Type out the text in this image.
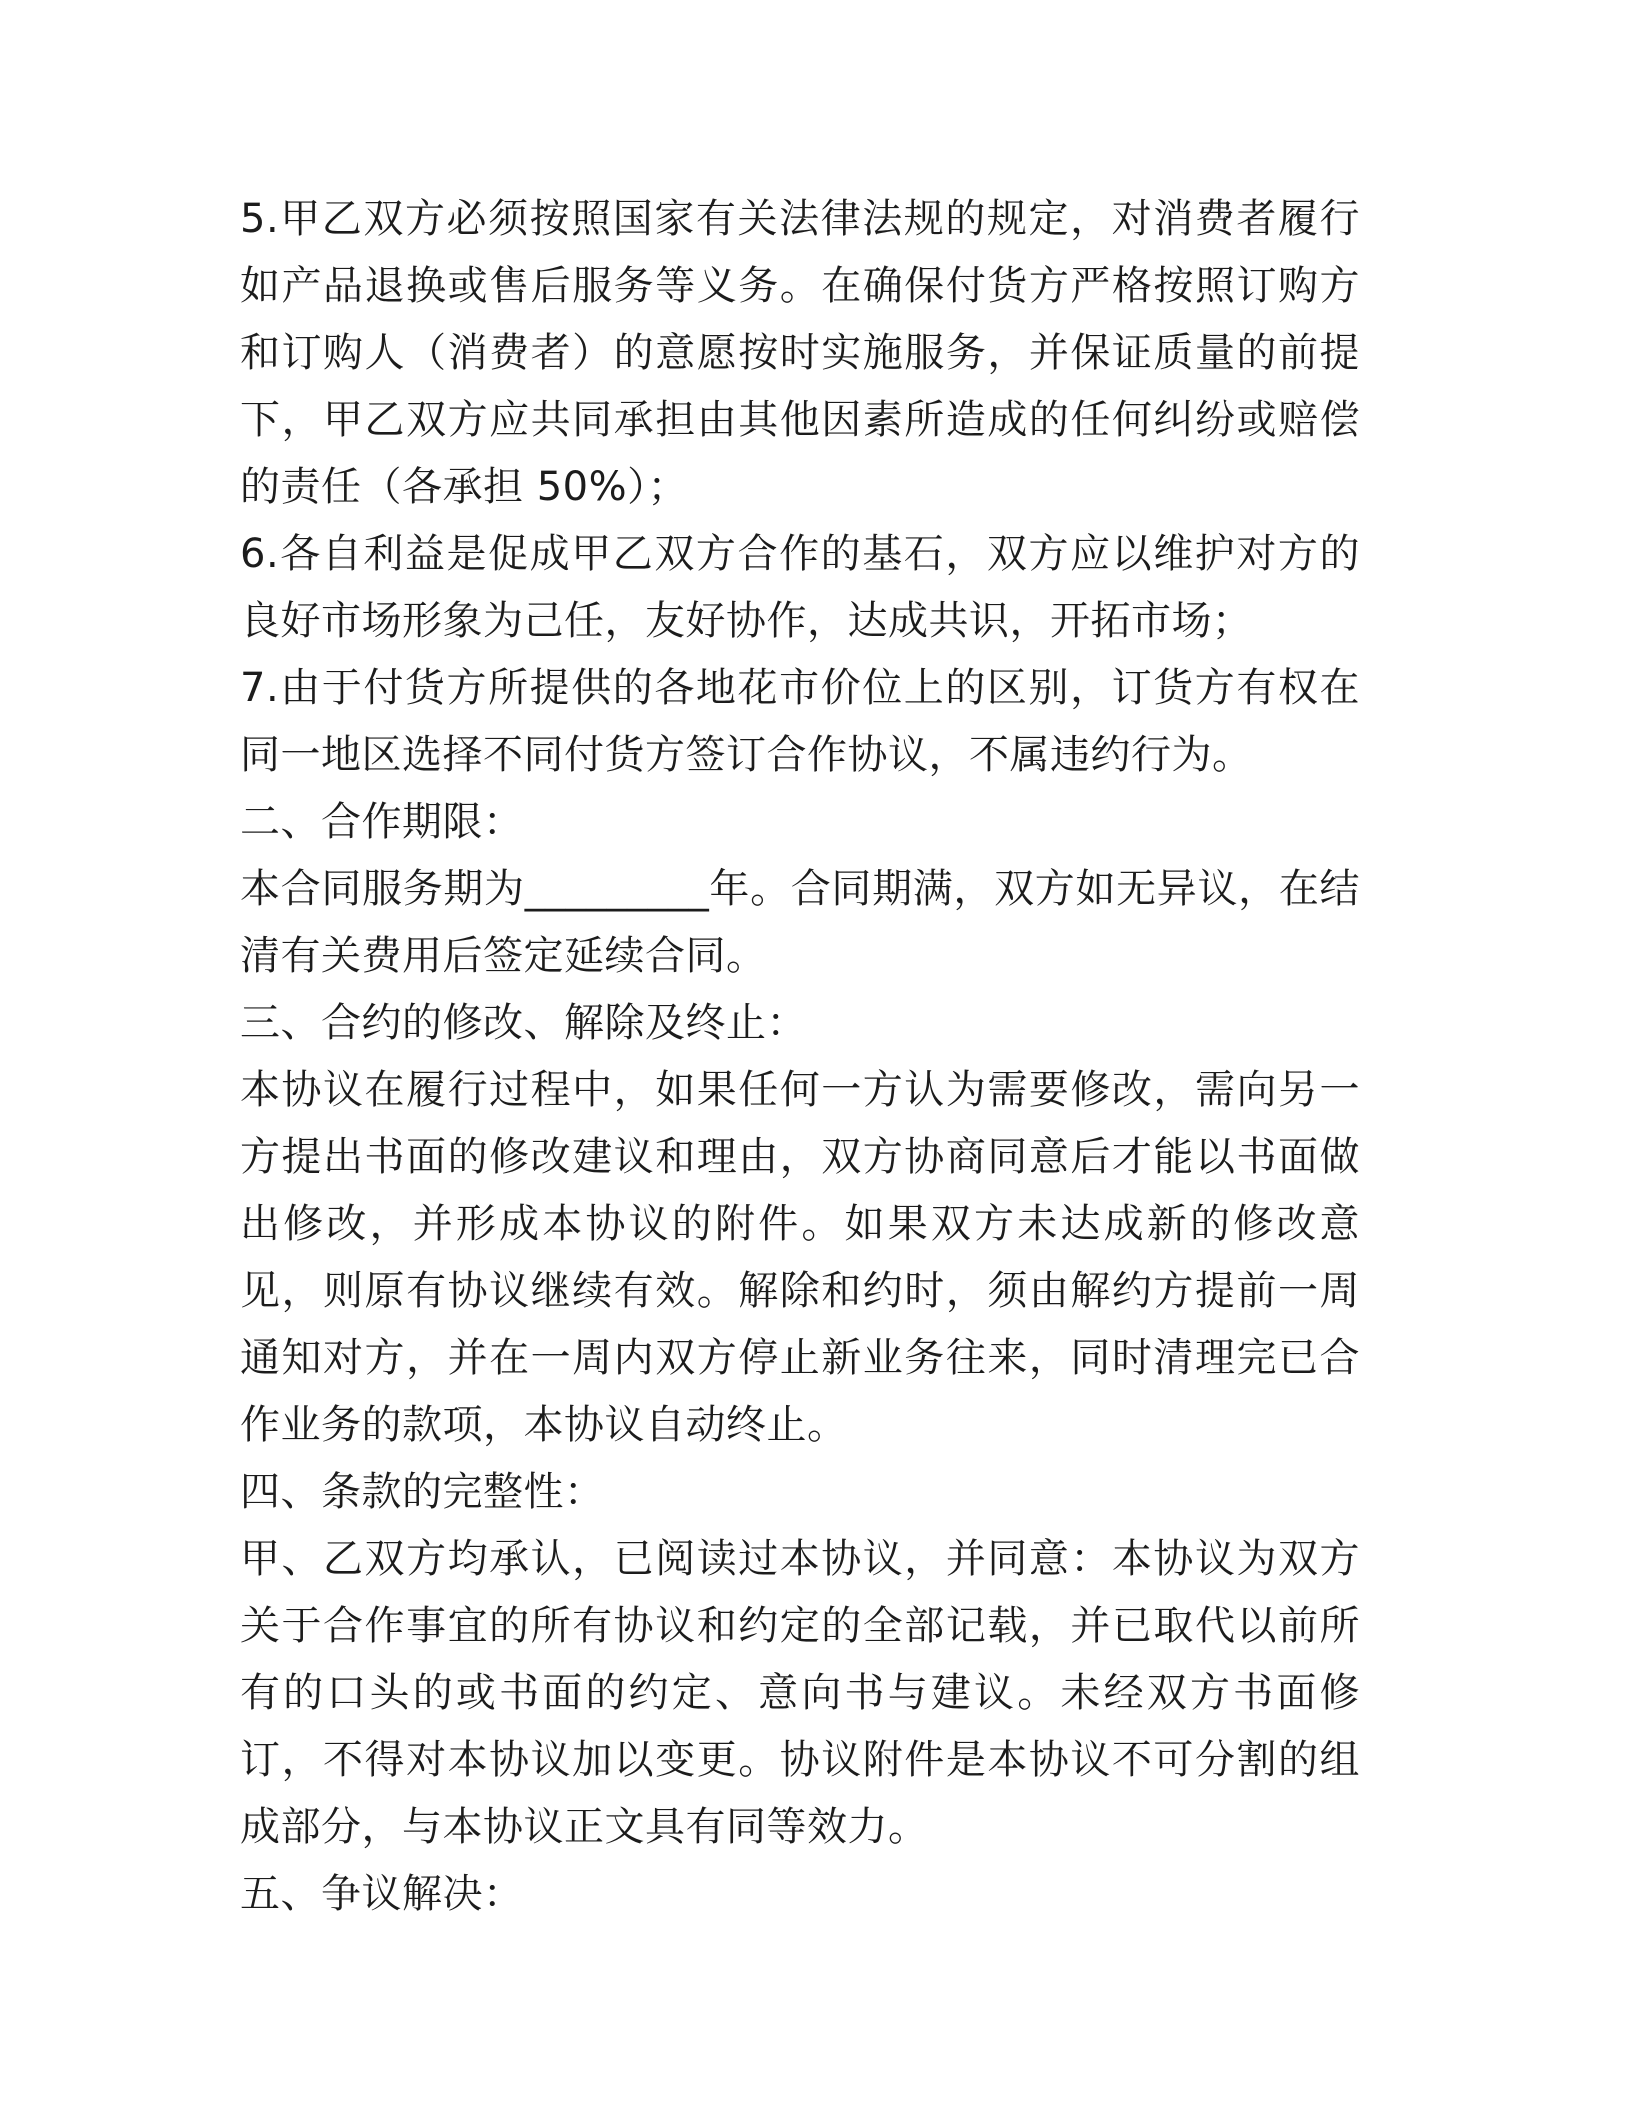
5.甲乙双方必须按照国家有关法律法规的规定，对消费者履行如产品退换或售后服务等义务。在确保付货方严格按照订购方和订购人（消费者）的意愿按时实施服务，并保证质量的前提下，甲乙双方应共同承担由其他因素所造成的任何纠纷或赔偿的责任（各承担 50%）；

6.各自利益是促成甲乙双方合作的基石，双方应以维护对方的良好市场形象为己任，友好协作，达成共识，开拓市场；

7.由于付货方所提供的各地花市价位上的区别，订货方有权在同一地区选择不同付货方签订合作协议，不属违约行为。

二、合作期限：

本合同服务期为_________年。合同期满，双方如无异议，在结清有关费用后签定延续合同。

三、合约的修改、解除及终止：

本协议在履行过程中，如果任何一方认为需要修改，需向另一方提出书面的修改建议和理由，双方协商同意后才能以书面做出修改，并形成本协议的附件。如果双方未达成新的修改意见，则原有协议继续有效。解除和约时，须由解约方提前一周通知对方，并在一周内双方停止新业务往来，同时清理完已合作业务的款项，本协议自动终止。

四、条款的完整性：

甲、乙双方均承认，已阅读过本协议，并同意：本协议为双方关于合作事宜的所有协议和约定的全部记载，并已取代以前所有的口头的或书面的约定、意向书与建议。未经双方书面修订，不得对本协议加以变更。协议附件是本协议不可分割的组成部分，与本协议正文具有同等效力。

五、争议解决：
